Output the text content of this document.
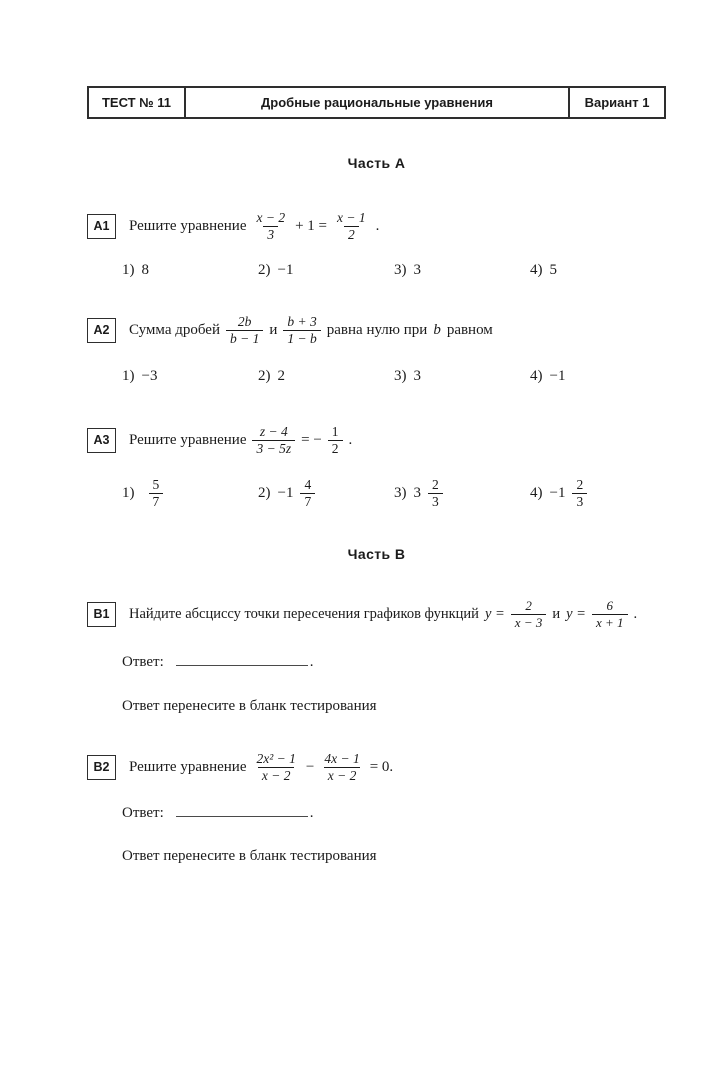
ТЕСТ № 11	Дробные рациональные уравнения	Вариант 1
Часть А
А1	Решите уравнение $\frac{x - 2}{3} + 1 = \frac{x - 1}{2}$ .
1) 8	2) −1	3) 3	4) 5
А2	Сумма дробей $\frac{2b}{b - 1}$ и $\frac{b + 3}{1 - b}$ равна нулю при b равном
1) −3	2) 2	3) 3	4) −1
А3	Решите уравнение $\frac{z - 4}{3 - 5z}$ = − $\frac{1}{2}$ .
$1) \frac{5}{7}$	$2) -1 \frac{4}{7}$	3) $3 \frac{2}{3}$	$4) -1 \frac{2}{3}$
Часть В
В1	Найдите абсциссу точки пересечения графиков функций $y = \frac{2}{x - 3}$ и $y = \frac{6}{x + 1}$ .
Ответ:	.
Ответ перенесите в бланк тестирования
В2	Решите уравнение $\frac{\text{2x² − 1}}{x - 2} - \frac{4x - 1}{x - 2} = 0$.
Ответ:	.
Ответ перенесите в бланк тестирования
